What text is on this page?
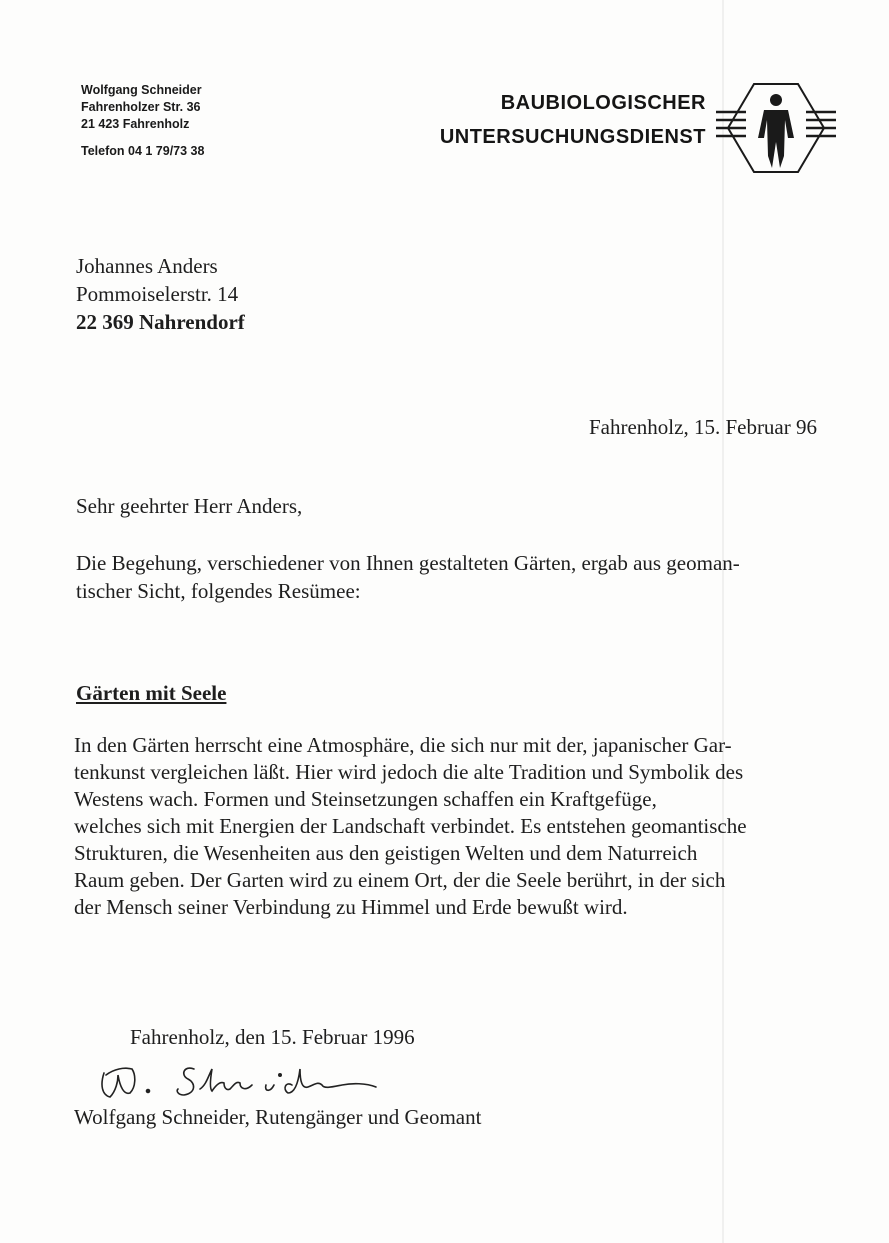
Wolfgang Schneider
Fahrenholzer Str. 36
21 423 Fahrenholz
Telefon 04 1 79/73 38
BAUBIOLOGISCHER
UNTERSUCHUNGSDIENST
Johannes Anders
Pommoiselerstr. 14
22 369 Nahrendorf
Fahrenholz, 15. Februar 96
Sehr geehrter Herr Anders,
Die Begehung, verschiedener von Ihnen gestalteten Gärten, ergab aus geoman-
tischer Sicht, folgendes Resümee:
Gärten mit Seele
In den Gärten herrscht eine Atmosphäre, die sich nur mit der, japanischer Gar-
tenkunst vergleichen läßt. Hier wird jedoch die alte Tradition und Symbolik des
Westens wach. Formen und Steinsetzungen schaffen ein Kraftgefüge,
welches sich mit Energien der Landschaft verbindet. Es entstehen geomantische
Strukturen, die Wesenheiten aus den geistigen Welten und dem Naturreich
Raum geben. Der Garten wird zu einem Ort, der die Seele berührt, in der sich
der Mensch seiner Verbindung zu Himmel und Erde bewußt wird.
Fahrenholz, den 15. Februar 1996
Wolfgang Schneider, Rutengänger und Geomant
